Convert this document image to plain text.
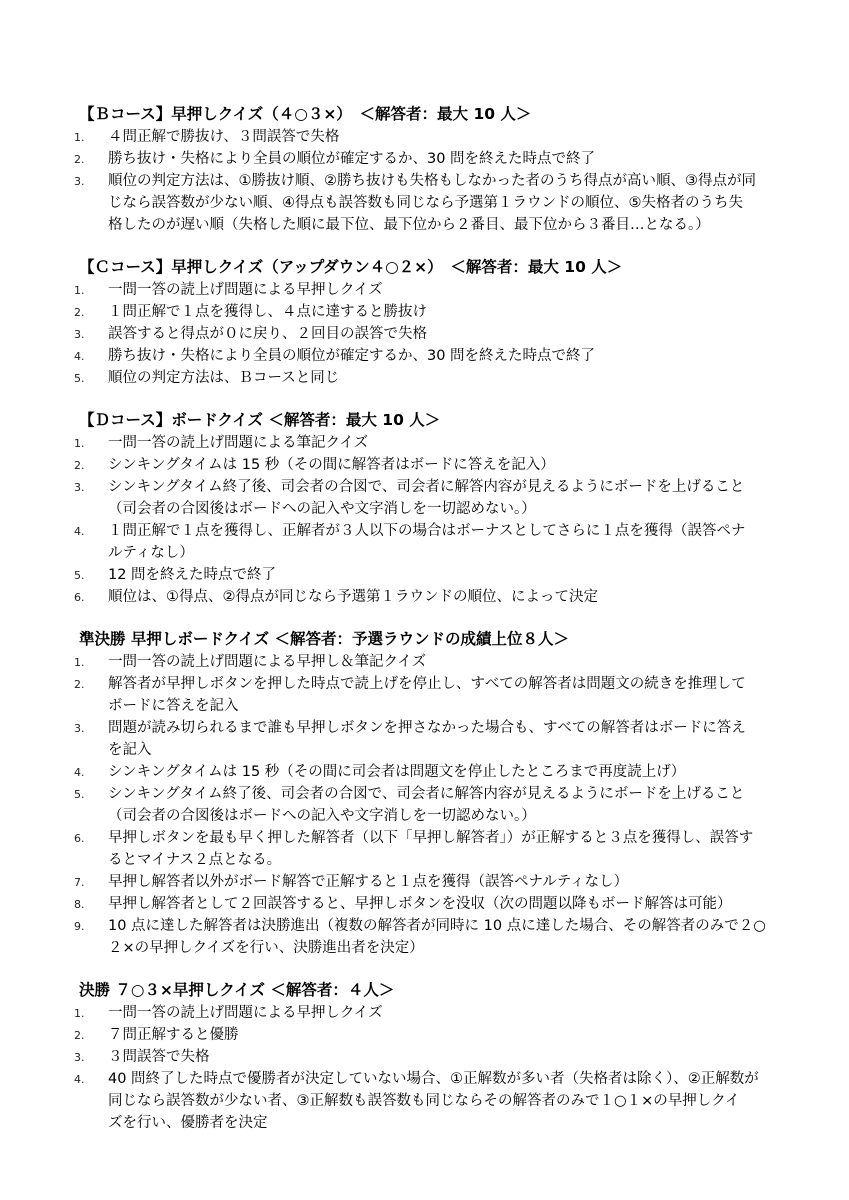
【Ｂコース】早押しクイズ（４○３×）　＜解答者：最大 10 人＞
1. ４問正解で勝抜け、３問誤答で失格
2. 勝ち抜け・失格により全員の順位が確定するか、30 問を終えた時点で終了
3. 順位の判定方法は、①勝抜け順、②勝ち抜けも失格もしなかった者のうち得点が高い順、③得点が同
じなら誤答数が少ない順、④得点も誤答数も同じなら予選第１ラウンドの順位、⑤失格者のうち失
格したのが遅い順（失格した順に最下位、最下位から２番目、最下位から３番目…となる。）
【Ｃコース】早押しクイズ（アップダウン４○２×）　＜解答者：最大 10 人＞
1. 一問一答の読上げ問題による早押しクイズ
2. １問正解で１点を獲得し、４点に達すると勝抜け
3. 誤答すると得点が０に戻り、２回目の誤答で失格
4. 勝ち抜け・失格により全員の順位が確定するか、30 問を終えた時点で終了
5. 順位の判定方法は、Ｂコースと同じ
【Ｄコース】ボードクイズ ＜解答者：最大 10 人＞
1. 一問一答の読上げ問題による筆記クイズ
2. シンキングタイムは 15 秒（その間に解答者はボードに答えを記入）
3. シンキングタイム終了後、司会者の合図で、司会者に解答内容が見えるようにボードを上げること
（司会者の合図後はボードへの記入や文字消しを一切認めない。）
4. １問正解で１点を獲得し、正解者が３人以下の場合はボーナスとしてさらに１点を獲得（誤答ペナ
ルティなし）
5. 12 問を終えた時点で終了
6. 順位は、①得点、②得点が同じなら予選第１ラウンドの順位、によって決定
準決勝 早押しボードクイズ ＜解答者：予選ラウンドの成績上位８人＞
1. 一問一答の読上げ問題による早押し＆筆記クイズ
2. 解答者が早押しボタンを押した時点で読上げを停止し、すべての解答者は問題文の続きを推理して
ボードに答えを記入
3. 問題が読み切られるまで誰も早押しボタンを押さなかった場合も、すべての解答者はボードに答え
を記入
4. シンキングタイムは 15 秒（その間に司会者は問題文を停止したところまで再度読上げ）
5. シンキングタイム終了後、司会者の合図で、司会者に解答内容が見えるようにボードを上げること
（司会者の合図後はボードへの記入や文字消しを一切認めない。）
6. 早押しボタンを最も早く押した解答者（以下「早押し解答者」）が正解すると３点を獲得し、誤答す
るとマイナス２点となる。
7. 早押し解答者以外がボード解答で正解すると１点を獲得（誤答ペナルティなし）
8. 早押し解答者として２回誤答すると、早押しボタンを没収（次の問題以降もボード解答は可能）
9. 10 点に達した解答者は決勝進出（複数の解答者が同時に 10 点に達した場合、その解答者のみで２○
２×の早押しクイズを行い、決勝進出者を決定）
決勝 ７○３×早押しクイズ ＜解答者：４人＞
1. 一問一答の読上げ問題による早押しクイズ
2. ７問正解すると優勝
3. ３問誤答で失格
4. 40 問終了した時点で優勝者が決定していない場合、①正解数が多い者（失格者は除く）、②正解数が
同じなら誤答数が少ない者、③正解数も誤答数も同じならその解答者のみで１○１×の早押しクイ
ズを行い、優勝者を決定
